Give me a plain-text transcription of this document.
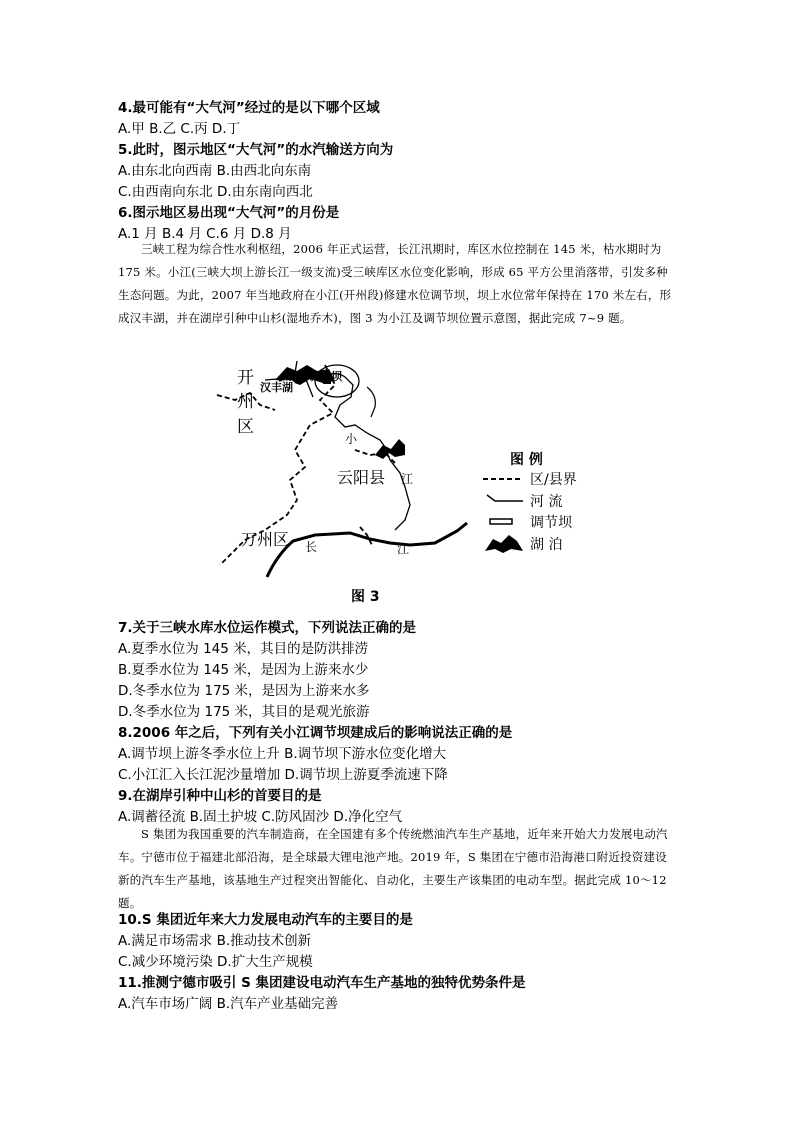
4.最可能有“大气河”经过的是以下哪个区域
A.甲 B.乙 C.丙 D.丁
5.此时，图示地区“大气河”的水汽输送方向为
A.由东北向西南 B.由西北向东南
C.由西南向东北 D.由东南向西北
6.图示地区易出现“大气河”的月份是
A.1 月 B.4 月 C.6 月 D.8 月

三峡工程为综合性水利枢纽，2006 年正式运营，长江汛期时，库区水位控制在 145 米，枯水期时为 175 米。小江(三峡大坝上游长江一级支流)受三峡库区水位变化影响，形成 65 平方公里消落带，引发多种生态问题。为此，2007 年当地政府在小江(开州段)修建水位调节坝，坝上水位常年保持在 170 米左右，形成汉丰湖，并在湖岸引种中山杉(湿地乔木)，图 3 为小江及调节坝位置示意图，据此完成 7~9 题。

开
州
区
汉丰湖
调节坝
小
江
云阳县
万州区 长	江
图 例
区/县界
河 流
调节坝
湖 泊
图 3
7.关于三峡水库水位运作模式，下列说法正确的是
A.夏季水位为 145 米，其目的是防洪排涝
B.夏季水位为 145 米，是因为上游来水少
D.冬季水位为 175 米，是因为上游来水多
D.冬季水位为 175 米，其目的是观光旅游
8.2006 年之后，下列有关小江调节坝建成后的影响说法正确的是
A.调节坝上游冬季水位上升 B.调节坝下游水位变化增大
C.小江汇入长江泥沙量增加 D.调节坝上游夏季流速下降
9.在湖岸引种中山杉的首要目的是
A.调蓄径流 B.固土护坡 C.防风固沙 D.净化空气

S 集团为我国重要的汽车制造商，在全国建有多个传统燃油汽车生产基地，近年来开始大力发展电动汽车。宁德市位于福建北部沿海，是全球最大锂电池产地。2019 年，S 集团在宁德市沿海港口附近投资建设新的汽车生产基地，该基地生产过程突出智能化、自动化，主要生产该集团的电动车型。据此完成 10～12 题。

10.S 集团近年来大力发展电动汽车的主要目的是
A.满足市场需求 B.推动技术创新
C.减少环境污染 D.扩大生产规模
11.推测宁德市吸引 S 集团建设电动汽车生产基地的独特优势条件是
A.汽车市场广阔 B.汽车产业基础完善
